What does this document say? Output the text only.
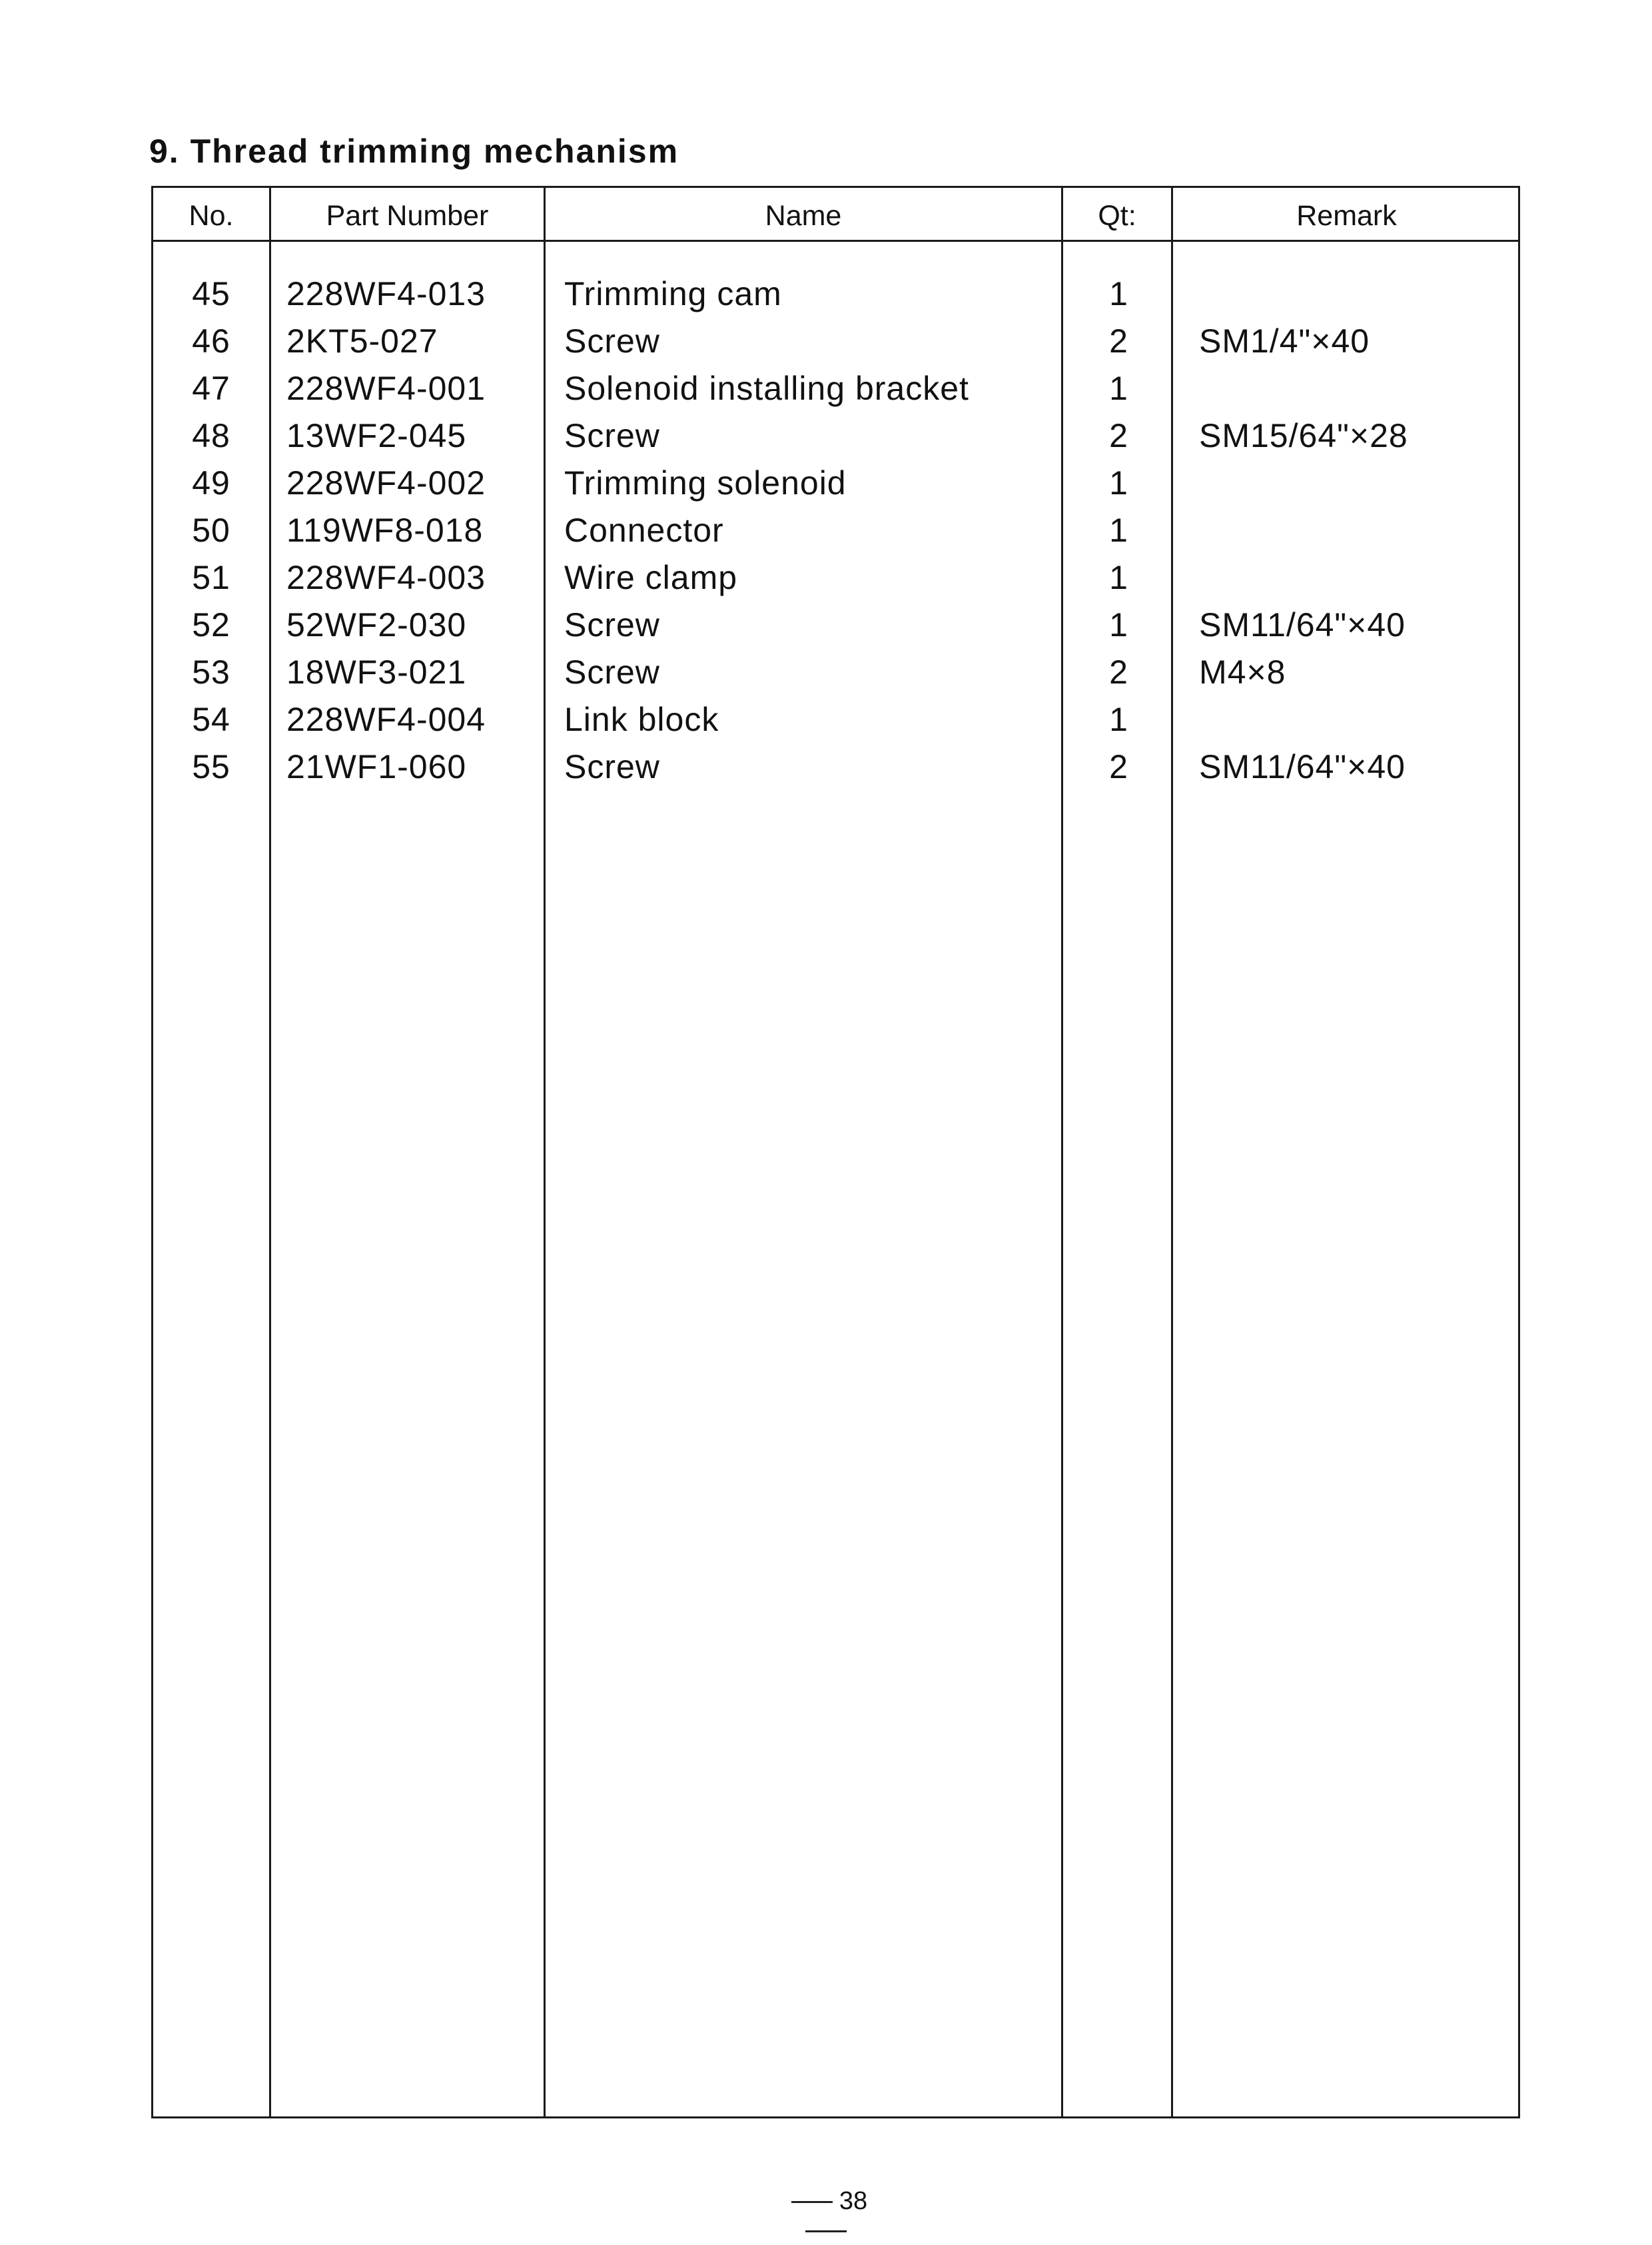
9. Thread trimming mechanism
No.	Part Number	Name	Qt:	Remark
45	228WF4-013	Trimming cam	1
46	2KT5-027	Screw	2	SM1/4"×40
47	228WF4-001	Solenoid installing bracket	1
48	13WF2-045	Screw	2	SM15/64"×28
49	228WF4-002	Trimming solenoid	1
50	119WF8-018	Connector	1
51	228WF4-003	Wire clamp	1
52	52WF2-030	Screw	1	SM11/64"×40
53	18WF3-021	Screw	2	M4×8
54	228WF4-004	Link block	1
55	21WF1-060	Screw	2	SM11/64"×40
38
